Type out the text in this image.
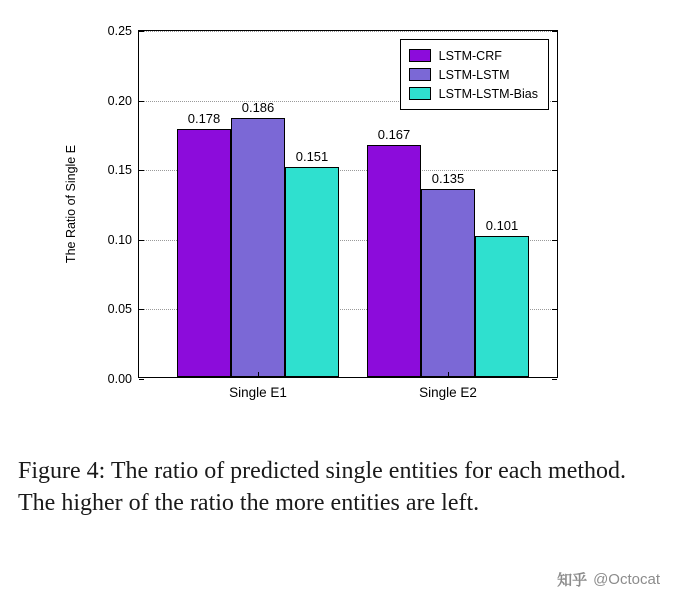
The Ratio of Single E
0.00
0.05
0.10
0.15
0.20
0.25
0.178
0.186
0.151
0.167
0.135
0.101
Single E1	Single E2
LSTM-CRF
LSTM-LSTM
LSTM-LSTM-Bias
Figure 4: The ratio of predicted single entities for each method. The higher of the ratio the more entities are left.
知乎 @Octocat
